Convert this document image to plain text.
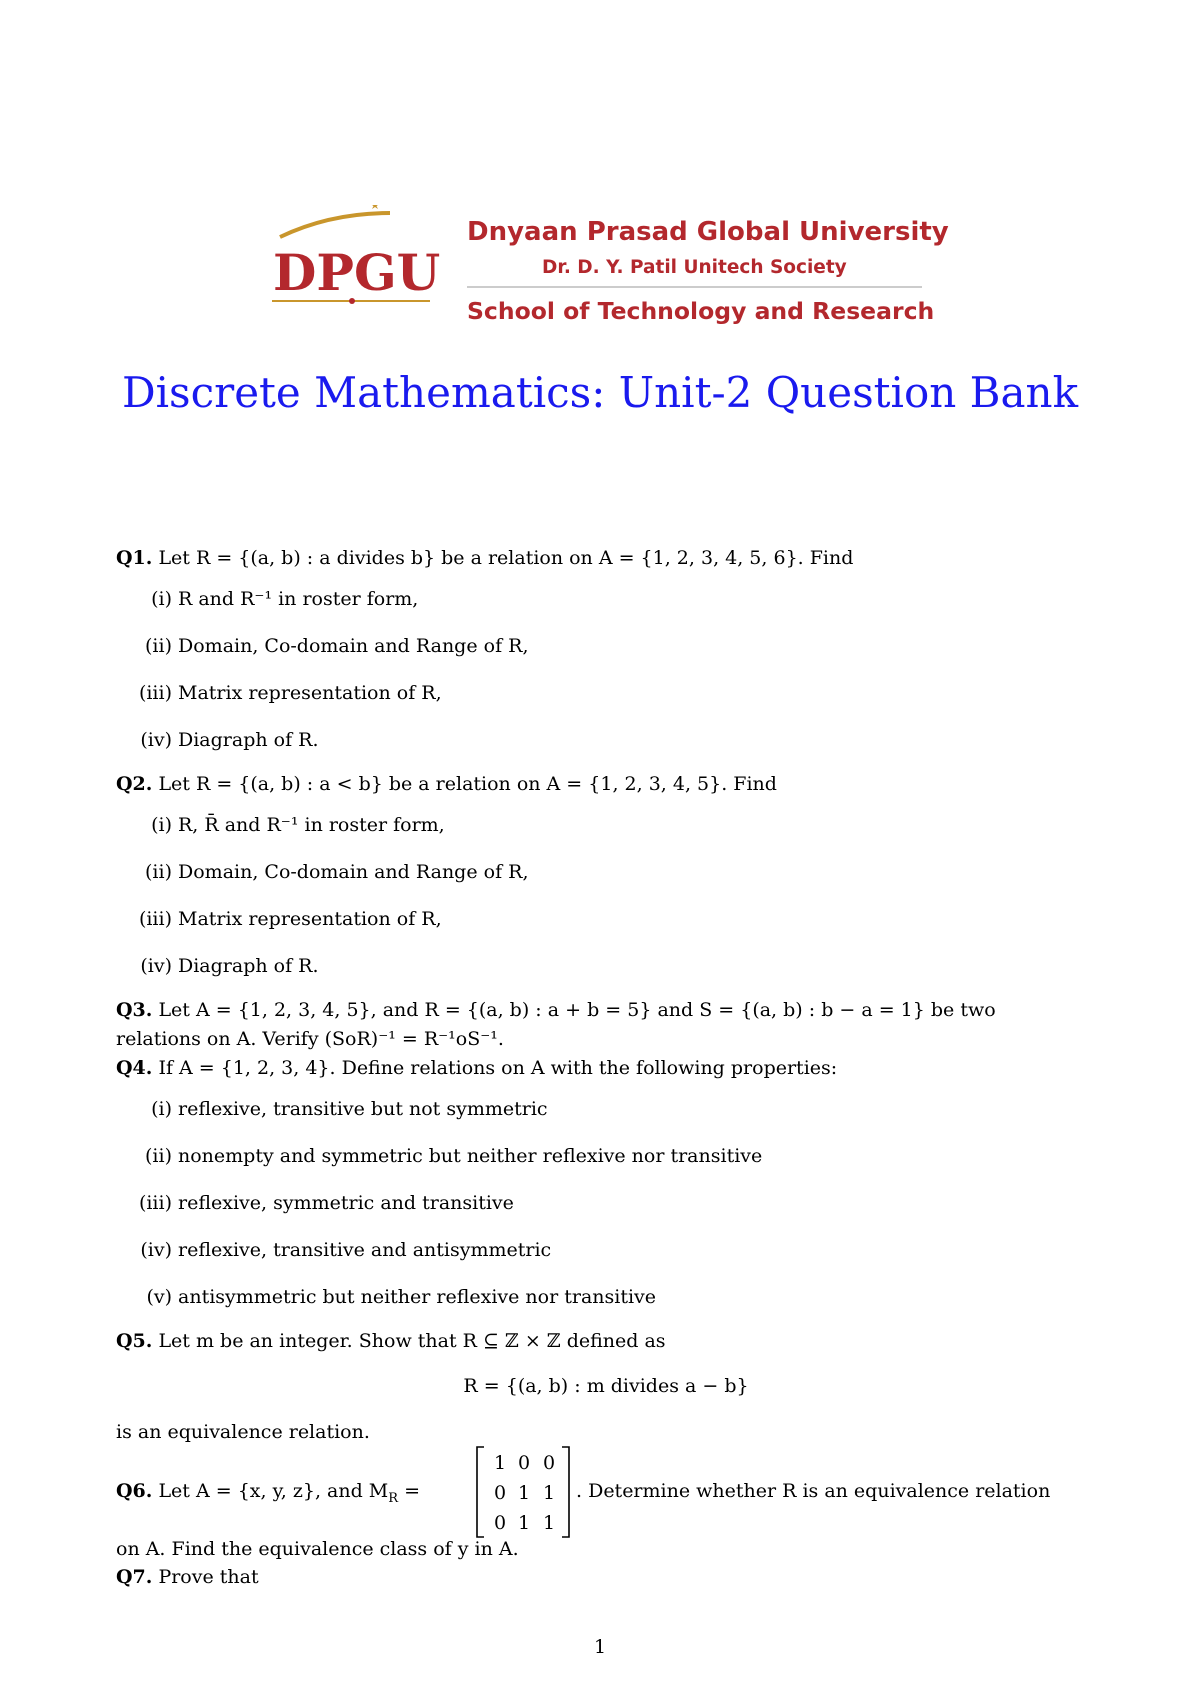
DPGU
Dnyaan Prasad Global University
Dr. D. Y. Patil Unitech Society
School of Technology and Research
Discrete Mathematics: Unit-2 Question Bank
Q1. Let R = {(a, b) : a divides b} be a relation on A = {1, 2, 3, 4, 5, 6}. Find
(i) R and R⁻¹ in roster form,
(ii) Domain, Co-domain and Range of R,
(iii) Matrix representation of R,
(iv) Diagraph of R.
Q2. Let R = {(a, b) : a < b} be a relation on A = {1, 2, 3, 4, 5}. Find
(i) R, R̄ and R⁻¹ in roster form,
(ii) Domain, Co-domain and Range of R,
(iii) Matrix representation of R,
(iv) Diagraph of R.
Q3. Let A = {1, 2, 3, 4, 5}, and R = {(a, b) : a + b = 5} and S = {(a, b) : b − a = 1} be two
relations on A. Verify (SoR)⁻¹ = R⁻¹oS⁻¹.
Q4. If A = {1, 2, 3, 4}. Define relations on A with the following properties:
(i) reflexive, transitive but not symmetric
(ii) nonempty and symmetric but neither reflexive nor transitive
(iii) reflexive, symmetric and transitive
(iv) reflexive, transitive and antisymmetric
(v) antisymmetric but neither reflexive nor transitive
Q5. Let m be an integer. Show that R ⊆ ℤ × ℤ defined as
R = {(a, b) : m divides a − b}
is an equivalence relation.
Q6. Let A = {x, y, z}, and $M_R$ =
1 0 0
0 1 1
0 1 1
. Determine whether R is an equivalence relation
on A. Find the equivalence class of y in A.
Q7. Prove that
1
